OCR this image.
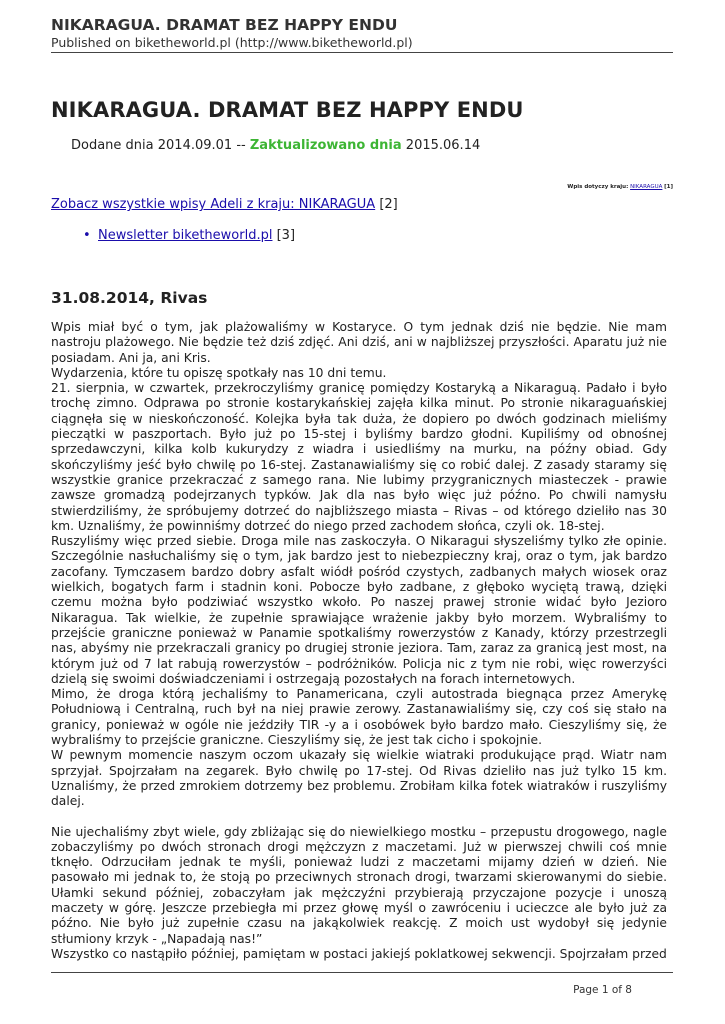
NIKARAGUA. DRAMAT BEZ HAPPY ENDU
Published on biketheworld.pl (http://www.biketheworld.pl)
NIKARAGUA. DRAMAT BEZ HAPPY ENDU
Dodane dnia 2014.09.01 -- Zaktualizowano dnia 2015.06.14
Wpis dotyczy kraju: NIKARAGUA [1]
Zobacz wszystkie wpisy Adeli z kraju: NIKARAGUA [2]
• Newsletter biketheworld.pl [3]
31.08.2014, Rivas

Wpis miał być o tym, jak plażowaliśmy w Kostaryce. O tym jednak dziś nie będzie. Nie mam nastroju plażowego. Nie będzie też dziś zdjęć. Ani dziś, ani w najbliższej przyszłości. Aparatu już nie posiadam. Ani ja, ani Kris.

Wydarzenia, które tu opiszę spotkały nas 10 dni temu.

21. sierpnia, w czwartek, przekroczyliśmy granicę pomiędzy Kostaryką a Nikaraguą. Padało i było trochę zimno. Odprawa po stronie kostarykańskiej zajęła kilka minut. Po stronie nikaraguańskiej ciągnęła się w nieskończoność. Kolejka była tak duża, że dopiero po dwóch godzinach mieliśmy pieczątki w paszportach. Było już po 15-stej i byliśmy bardzo głodni. Kupiliśmy od obnośnej sprzedawczyni, kilka kolb kukurydzy z wiadra i usiedliśmy na murku, na późny obiad. Gdy skończyliśmy jeść było chwilę po 16-stej. Zastanawialiśmy się co robić dalej. Z zasady staramy się wszystkie granice przekraczać z samego rana. Nie lubimy przygranicznych miasteczek - prawie zawsze gromadzą podejrzanych typków. Jak dla nas było więc już późno. Po chwili namysłu stwierdziliśmy, że spróbujemy dotrzeć do najbliższego miasta – Rivas – od którego dzieliło nas 30 km. Uznaliśmy, że powinniśmy dotrzeć do niego przed zachodem słońca, czyli ok. 18-stej.

Ruszyliśmy więc przed siebie. Droga mile nas zaskoczyła. O Nikaragui słyszeliśmy tylko złe opinie. Szczególnie nasłuchaliśmy się o tym, jak bardzo jest to niebezpieczny kraj, oraz o tym, jak bardzo zacofany. Tymczasem bardzo dobry asfalt wiódł pośród czystych, zadbanych małych wiosek oraz wielkich, bogatych farm i stadnin koni. Pobocze było zadbane, z głęboko wyciętą trawą, dzięki czemu można było podziwiać wszystko wkoło. Po naszej prawej stronie widać było Jezioro Nikaragua. Tak wielkie, że zupełnie sprawiające wrażenie jakby było morzem. Wybraliśmy to przejście graniczne ponieważ w Panamie spotkaliśmy rowerzystów z Kanady, którzy przestrzegli nas, abyśmy nie przekraczali granicy po drugiej stronie jeziora. Tam, zaraz za granicą jest most, na którym już od 7 lat rabują rowerzystów – podróżników. Policja nic z tym nie robi, więc rowerzyści dzielą się swoimi doświadczeniami i ostrzegają pozostałych na forach internetowych.

Mimo, że droga którą jechaliśmy to Panamericana, czyli autostrada biegnąca przez Amerykę Południową i Centralną, ruch był na niej prawie zerowy. Zastanawialiśmy się, czy coś się stało na granicy, ponieważ w ogóle nie jeździły TIR -y a i osobówek było bardzo mało. Cieszyliśmy się, że wybraliśmy to przejście graniczne. Cieszyliśmy się, że jest tak cicho i spokojnie.

W pewnym momencie naszym oczom ukazały się wielkie wiatraki produkujące prąd. Wiatr nam sprzyjał. Spojrzałam na zegarek. Było chwilę po 17-stej. Od Rivas dzieliło nas już tylko 15 km. Uznaliśmy, że przed zmrokiem dotrzemy bez problemu. Zrobiłam kilka fotek wiatraków i ruszyliśmy dalej.

Nie ujechaliśmy zbyt wiele, gdy zbliżając się do niewielkiego mostku – przepustu drogowego, nagle zobaczyliśmy po dwóch stronach drogi mężczyzn z maczetami. Już w pierwszej chwili coś mnie tknęło. Odrzuciłam jednak te myśli, ponieważ ludzi z maczetami mijamy dzień w dzień. Nie pasowało mi jednak to, że stoją po przeciwnych stronach drogi, twarzami skierowanymi do siebie. Ułamki sekund później, zobaczyłam jak mężczyźni przybierają przyczajone pozycje i unoszą maczety w górę. Jeszcze przebiegła mi przez głowę myśl o zawróceniu i ucieczce ale było już za późno. Nie było już zupełnie czasu na jakąkolwiek reakcję. Z moich ust wydobył się jedynie stłumiony krzyk - „Napadają nas!”

Wszystko co nastąpiło później, pamiętam w postaci jakiejś poklatkowej sekwencji. Spojrzałam przed

Page 1 of 8
